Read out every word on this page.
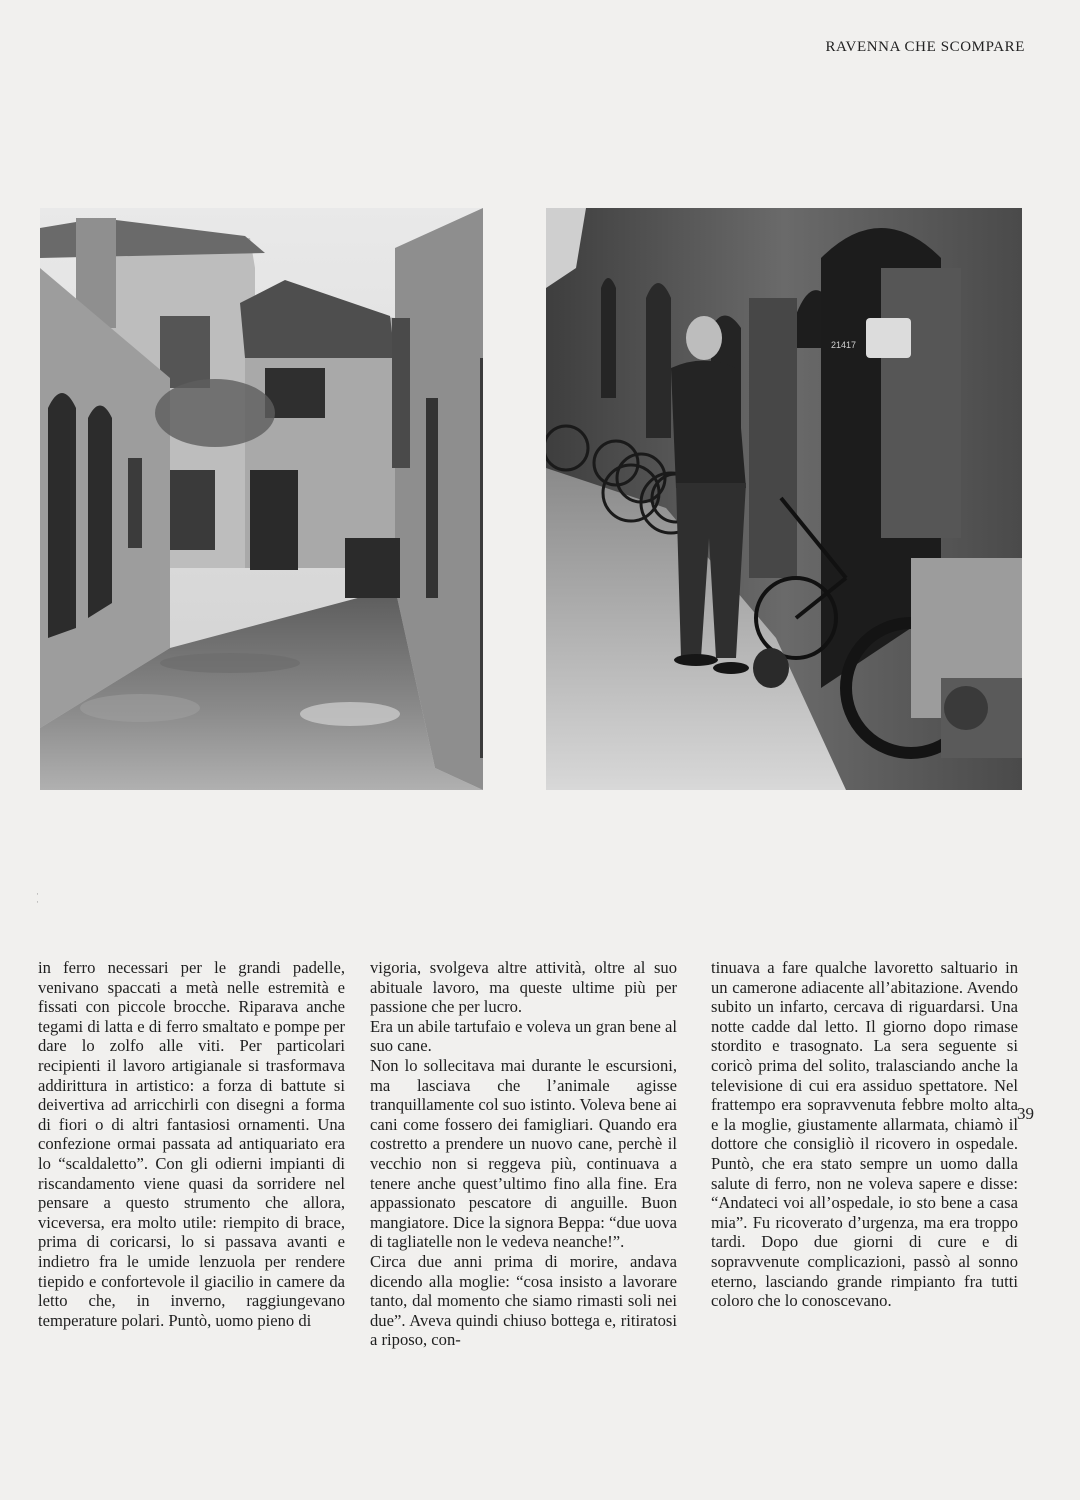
RAVENNA CHE SCOMPARE
21417
·
·

in ferro necessari per le grandi padelle, venivano spaccati a metà nelle estremità e fissati con piccole brocche. Riparava anche tegami di latta e di ferro smaltato e pompe per dare lo zolfo alle viti. Per particolari recipienti il lavoro artigianale si trasformava addirittura in artistico: a forza di battute si deivertiva ad arricchirli con disegni a forma di fiori o di altri fantasiosi ornamenti. Una confezione ormai passata ad antiquariato era lo “scaldaletto”. Con gli odierni impianti di riscandamento viene quasi da sorridere nel pensare a questo strumento che allora, viceversa, era molto utile: riempito di brace, prima di coricarsi, lo si passava avanti e indietro fra le umide lenzuola per rendere tiepido e confortevole il giacilio in camere da letto che, in inverno, raggiungevano temperature polari. Puntò, uomo pieno di

vigoria, svolgeva altre attività, oltre al suo abituale lavoro, ma queste ultime più per passione che per lucro.

Era un abile tartufaio e voleva un gran bene al suo cane.

Non lo sollecitava mai durante le escursioni, ma lasciava che l’animale agisse tranquillamente col suo istinto. Voleva bene ai cani come fossero dei famigliari. Quando era costretto a prendere un nuovo cane, perchè il vecchio non si reggeva più, continuava a tenere anche quest’ultimo fino alla fine. Era appassionato pescatore di anguille. Buon mangiatore. Dice la signora Beppa: “due uova di tagliatelle non le vedeva neanche!”.

Circa due anni prima di morire, andava dicendo alla moglie: “cosa insisto a lavorare tanto, dal momento che siamo rimasti soli nei due”. Aveva quindi chiuso bottega e, ritiratosi a riposo, con-

tinuava a fare qualche lavoretto saltuario in un camerone adiacente all’abitazione. Avendo subito un infarto, cercava di riguardarsi. Una notte cadde dal letto. Il giorno dopo rimase stordito e trasognato. La sera seguente si coricò prima del solito, tralasciando anche la televisione di cui era assiduo spettatore. Nel frattempo era sopravvenuta febbre molto alta e la moglie, giustamente allarmata, chiamò il dottore che consigliò il ricovero in ospedale. Puntò, che era stato sempre un uomo dalla salute di ferro, non ne voleva sapere e disse: “Andateci voi all’ospedale, io sto bene a casa mia”. Fu ricoverato d’urgenza, ma era troppo tardi. Dopo due giorni di cure e di sopravvenute complicazioni, passò al sonno eterno, lasciando grande rimpianto fra tutti coloro che lo conoscevano.

39
